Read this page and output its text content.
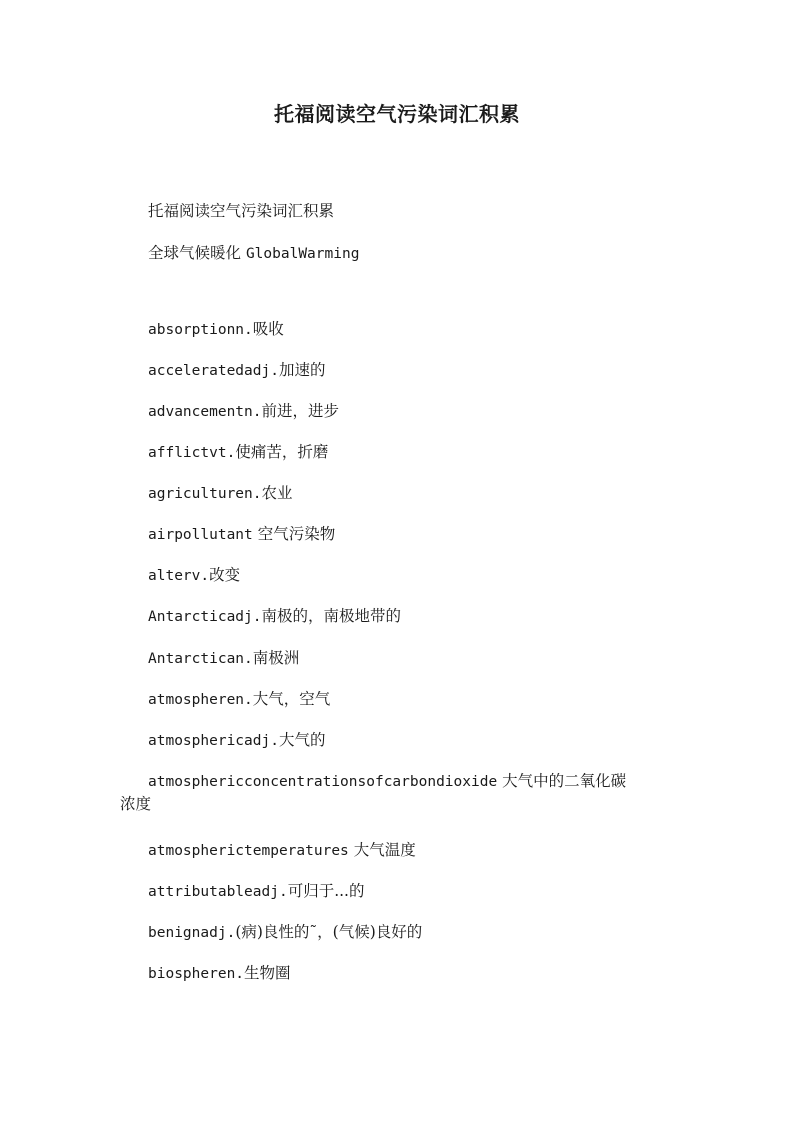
托福阅读空气污染词汇积累

托福阅读空气污染词汇积累

全球气候暖化 GlobalWarming

absorptionn.吸收

acceleratedadj.加速的

advancementn.前进，进步

afflictvt.使痛苦，折磨

agriculturen.农业

airpollutant 空气污染物

alterv.改变

Antarcticadj.南极的，南极地带的

Antarctican.南极洲

atmospheren.大气，空气

atmosphericadj.大气的

atmosphericconcentrationsofcarbondioxide 大气中的二氧化碳浓度

atmospherictemperatures 大气温度

attributableadj.可归于...的

benignadj.(病)良性的˜，(气候)良好的

biospheren.生物圈
